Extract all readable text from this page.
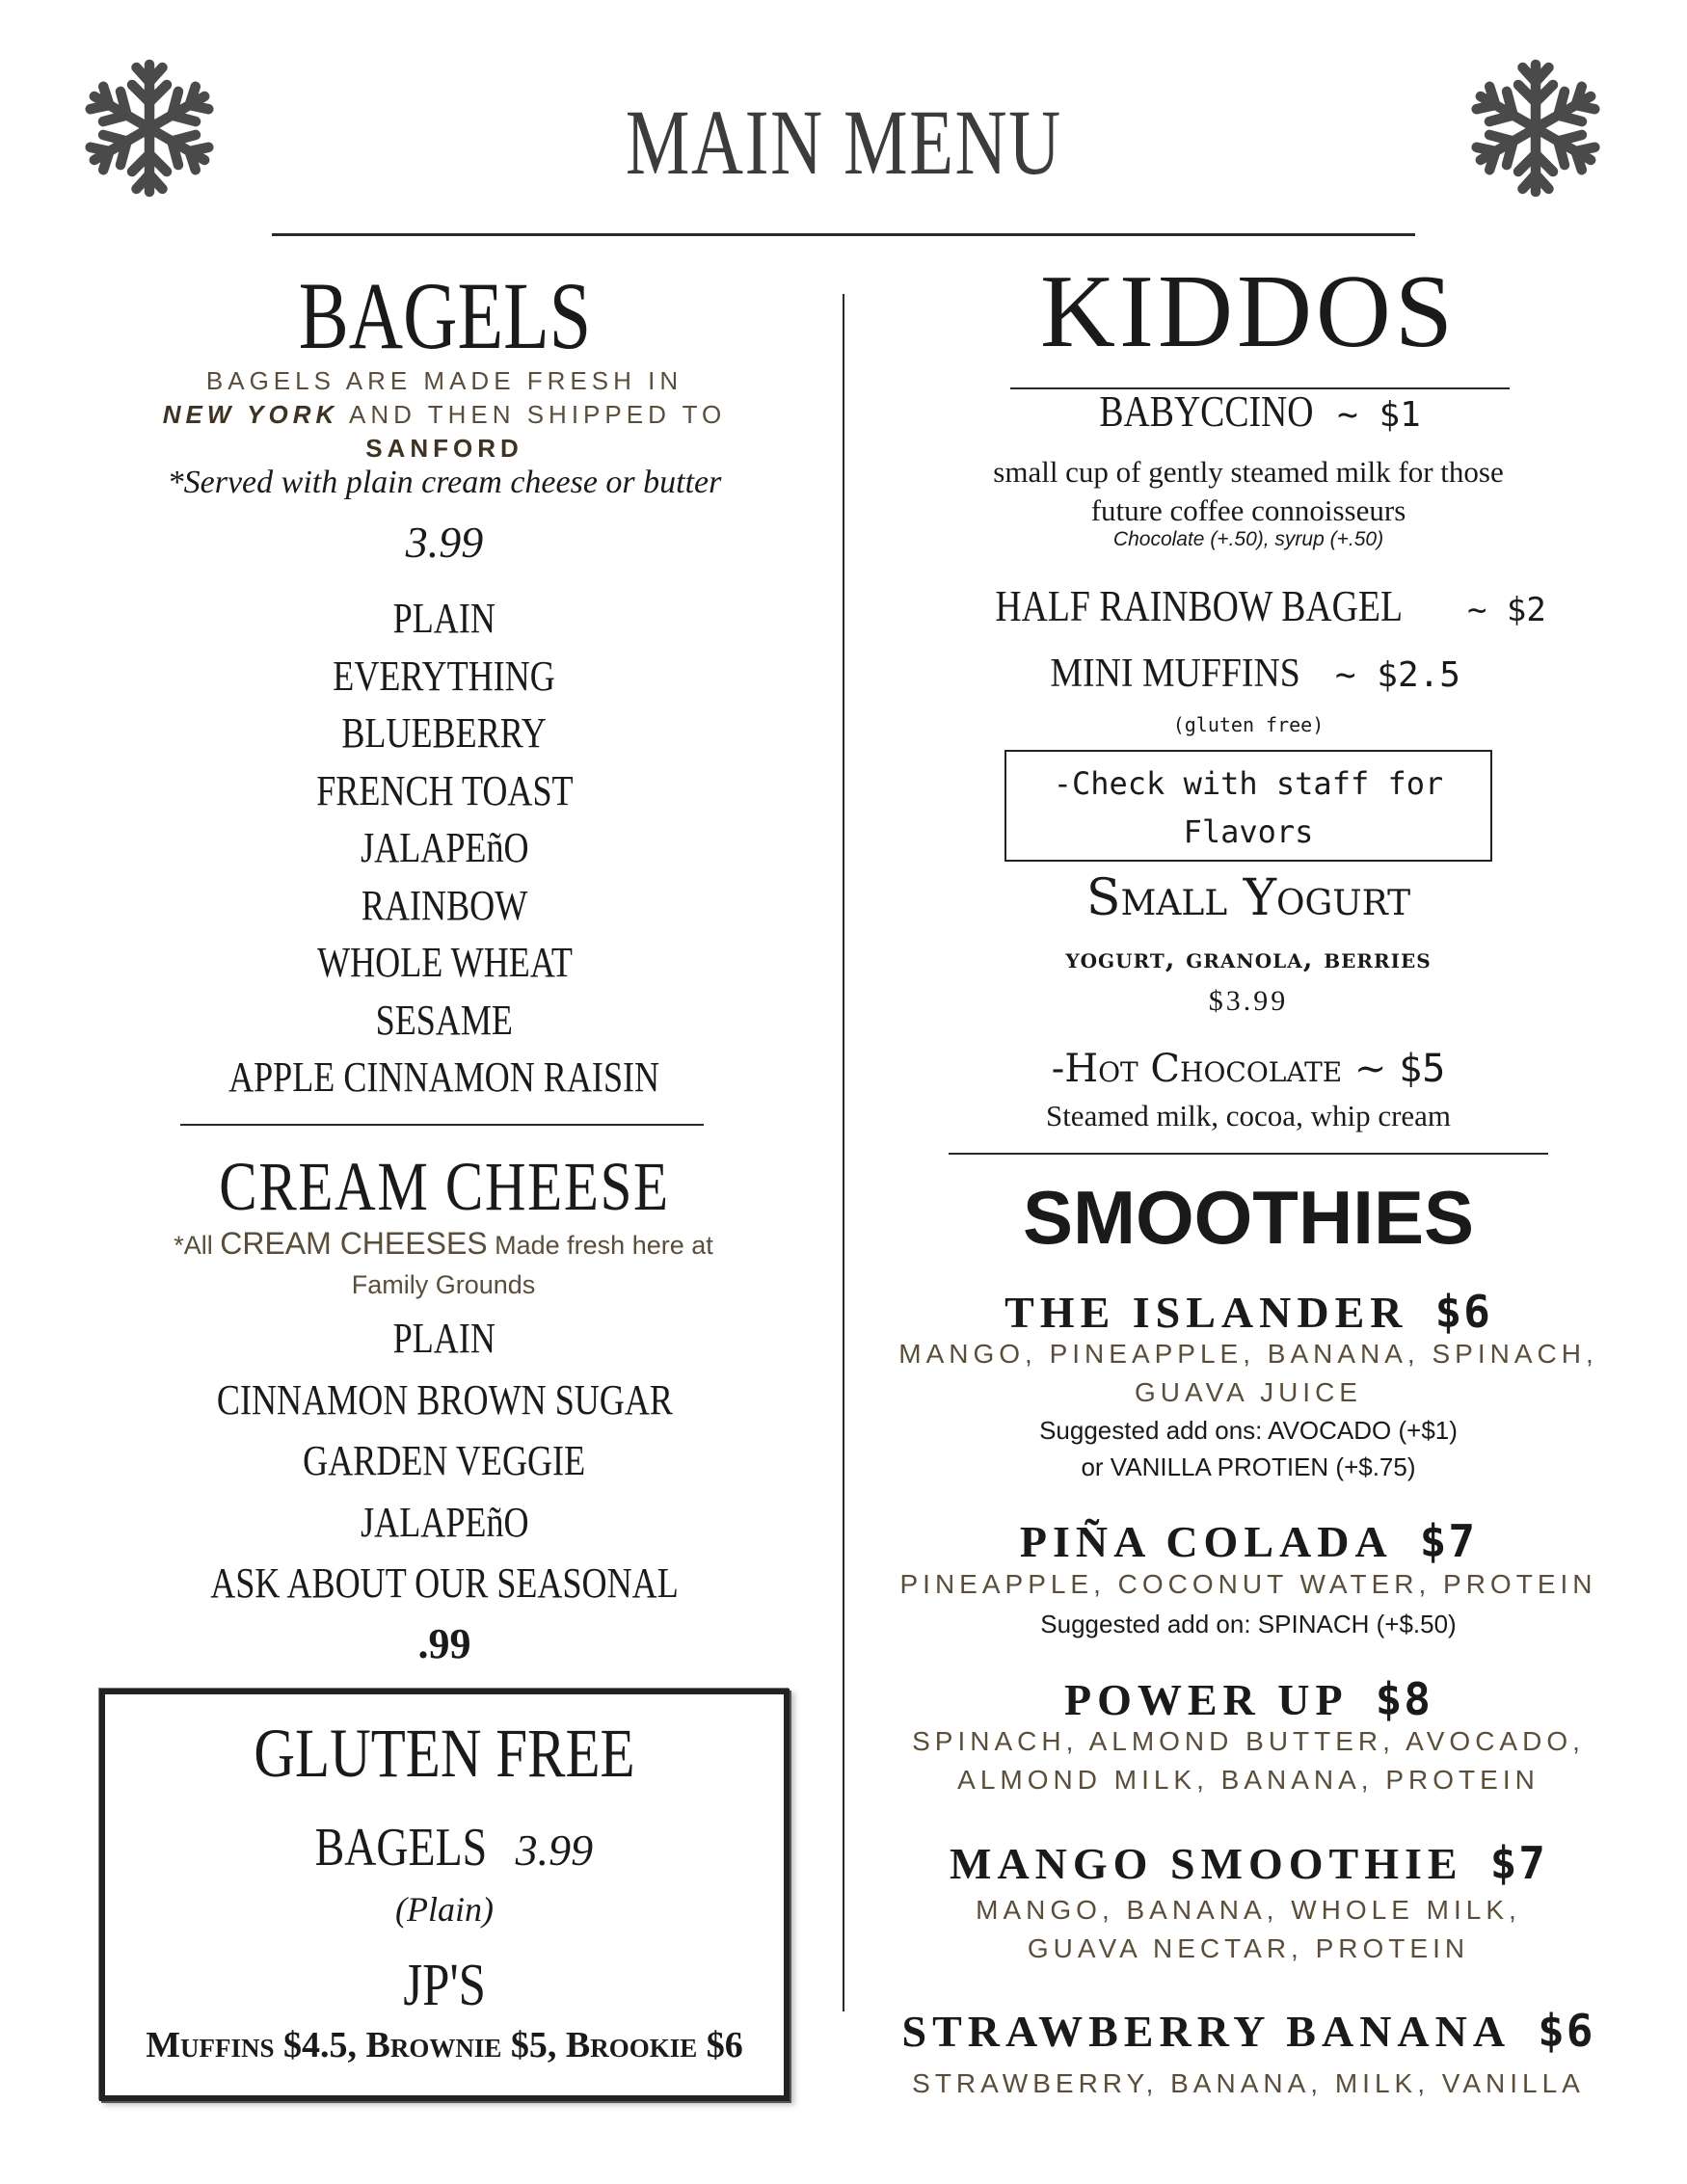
MAIN MENU
BAGELS
BAGELS ARE MADE FRESH IN
NEW YORK AND THEN SHIPPED TO
SANFORD
*Served with plain cream cheese or butter
3.99
PLAIN
EVERYTHING
BLUEBERRY
FRENCH TOAST
JALAPEñO
RAINBOW
WHOLE WHEAT
SESAME
APPLE CINNAMON RAISIN
CREAM CHEESE
*All CREAM CHEESES Made fresh here at
Family Grounds
PLAIN
CINNAMON BROWN SUGAR
GARDEN VEGGIE
JALAPEñO
ASK ABOUT OUR SEASONAL
.99
GLUTEN FREE
BAGELS 3.99
(Plain)
JP'S
Muffins $4.5, Brownie $5, Brookie $6
KIDDOS
BABYCCINO ~ $1
small cup of gently steamed milk for those
future coffee connoisseurs
Chocolate (+.50), syrup (+.50)
HALF RAINBOW BAGEL ~ $2
MINI MUFFINS ~ $2.5
(gluten free)
-Check with staff for
Flavors
Small Yogurt
yogurt, granola, berries
$3.99
-Hot Chocolate ~ $5
Steamed milk, cocoa, whip cream
SMOOTHIES
THE ISLANDER $6
MANGO, PINEAPPLE, BANANA, SPINACH,
GUAVA JUICE
Suggested add ons: AVOCADO (+$1)
or VANILLA PROTIEN (+$.75)
PIÑA COLADA $7
PINEAPPLE, COCONUT WATER, PROTEIN
Suggested add on: SPINACH (+$.50)
POWER UP $8
SPINACH, ALMOND BUTTER, AVOCADO,
ALMOND MILK, BANANA, PROTEIN
MANGO SMOOTHIE $7
MANGO, BANANA, WHOLE MILK,
GUAVA NECTAR, PROTEIN
STRAWBERRY BANANA $6
STRAWBERRY, BANANA, MILK, VANILLA
